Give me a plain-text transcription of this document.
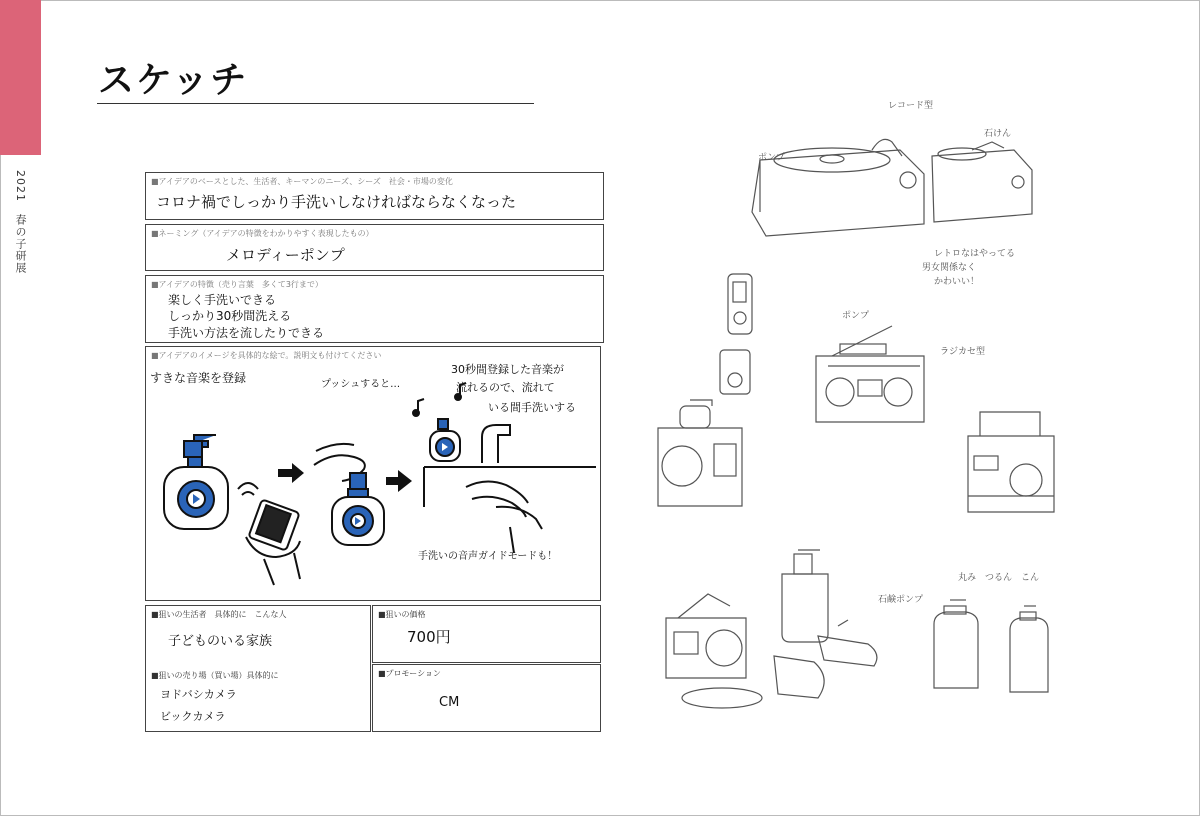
2021　春の子研展
スケッチ
■アイデアのベースとした、生活者、キーマンのニーズ、シーズ　社会・市場の変化
コロナ禍でしっかり手洗いしなければならなくなった
■ネーミング（アイデアの特徴をわかりやすく表現したもの）
メロディーポンプ
■アイデアの特徴（売り言葉　多くて3行まで）
楽しく手洗いできる
しっかり30秒間洗える
手洗い方法を流したりできる
■アイデアのイメージを具体的な絵で。説明文も付けてください
すきな音楽を登録	プッシュすると…
30秒間登録した音楽が
流れるので、流れて
いる間手洗いする
手洗いの音声ガイドモードも！
■狙いの生活者　具体的に　こんな人
子どものいる家族
■狙いの売り場（買い場）具体的に
ヨドバシカメラ
ビックカメラ
■狙いの価格
700円
■プロモーション
CM
レコード型
石けん
ポンプ
レトロなはやってる
男女関係なく
かわいい！
ラジカセ型
ポンプ
丸み　つるん　こん
石鹸ポンプ
